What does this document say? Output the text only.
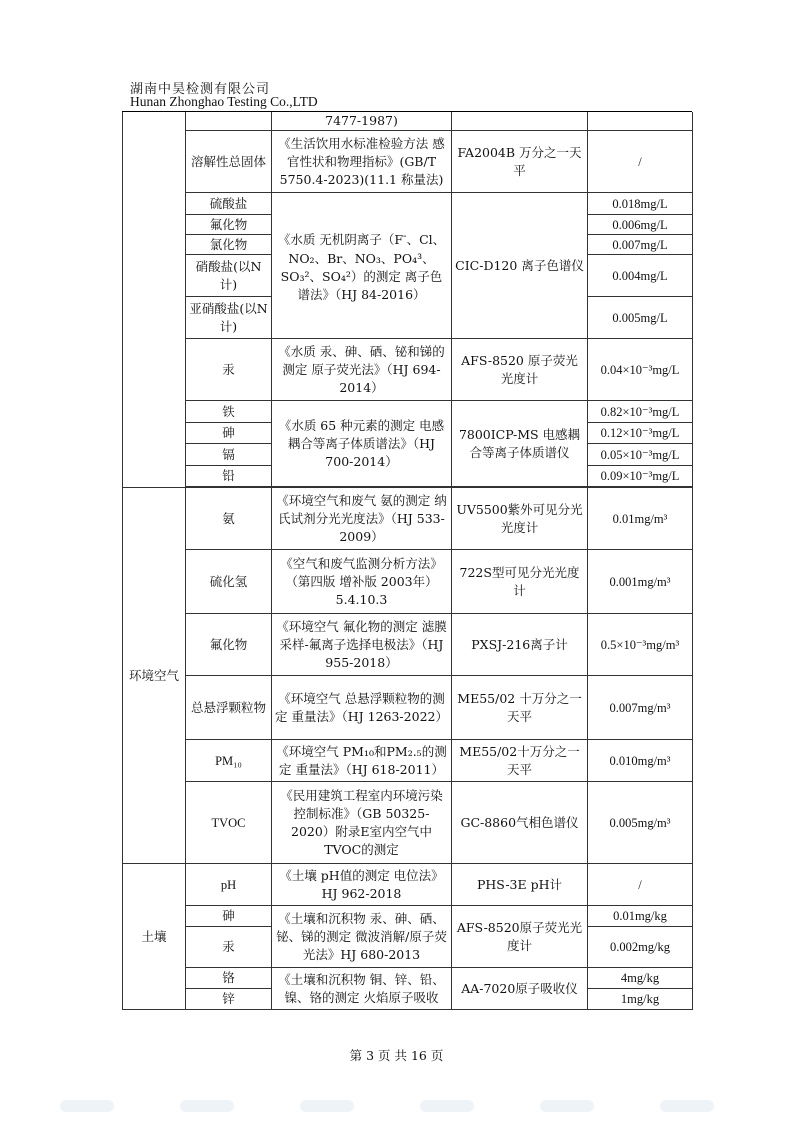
湖南中昊检测有限公司
Hunan Zhonghao Testing Co.,LTD
		7477-1987)		
	溶解性总固体	《生活饮用水标准检验方法 感官性状和物理指标》(GB/T 5750.4-2023)(11.1 称量法)	FA2004B 万分之一天平	/
	硫酸盐	《水质 无机阴离子（F-、Cl、NO₂、Br、NO₃、PO₄³、SO₃²、SO₄²）的测定 离子色谱法》（HJ 84-2016）	CIC-D120 离子色谱仪	0.018mg/L
	氟化物			0.006mg/L
	氯化物			0.007mg/L
	硝酸盐(以N计)			0.004mg/L
	亚硝酸盐(以N计)			0.005mg/L
	汞	《水质 汞、砷、硒、铋和锑的测定 原子荧光法》（HJ 694-2014）	AFS-8520 原子荧光光度计	0.04×10⁻³mg/L
	铁	《水质 65 种元素的测定 电感耦合等离子体质谱法》（HJ 700-2014）	7800ICP-MS 电感耦合等离子体质谱仪	0.82×10⁻³mg/L
	砷			0.12×10⁻³mg/L
	镉			0.05×10⁻³mg/L
	铅			0.09×10⁻³mg/L

环境空气	氨	《环境空气和废气 氨的测定 纳氏试剂分光光度法》（HJ 533-2009）	UV5500紫外可见分光光度计	0.01mg/m³
	硫化氢	《空气和废气监测分析方法》（第四版 增补版 2003年）5.4.10.3	722S型可见分光光度计	0.001mg/m³
	氟化物	《环境空气 氟化物的测定 滤膜采样-氟离子选择电极法》（HJ 955-2018）	PXSJ-216离子计	0.5×10⁻³mg/m³
	总悬浮颗粒物	《环境空气 总悬浮颗粒物的测定 重量法》（HJ 1263-2022）	ME55/02 十万分之一天平	0.007mg/m³
	PM₁₀	《环境空气 PM₁₀和PM₂.₅的测定 重量法》（HJ 618-2011）	ME55/02十万分之一天平	0.010mg/m³
	TVOC	《民用建筑工程室内环境污染控制标准》（GB 50325-2020）附录E室内空气中TVOC的测定	GC-8860气相色谱仪	0.005mg/m³
土壤	pH	《土壤 pH值的测定 电位法》HJ 962-2018	PHS-3E pH计	/
	砷	《土壤和沉积物 汞、砷、硒、铋、锑的测定 微波消解/原子荧光法》HJ 680-2013	AFS-8520原子荧光光度计	0.01mg/kg
	汞			0.002mg/kg
	铬	《土壤和沉积物 铜、锌、铅、镍、铬的测定 火焰原子吸收	AA-7020原子吸收仪	4mg/kg
	锌			1mg/kg
第 3 页 共 16 页
